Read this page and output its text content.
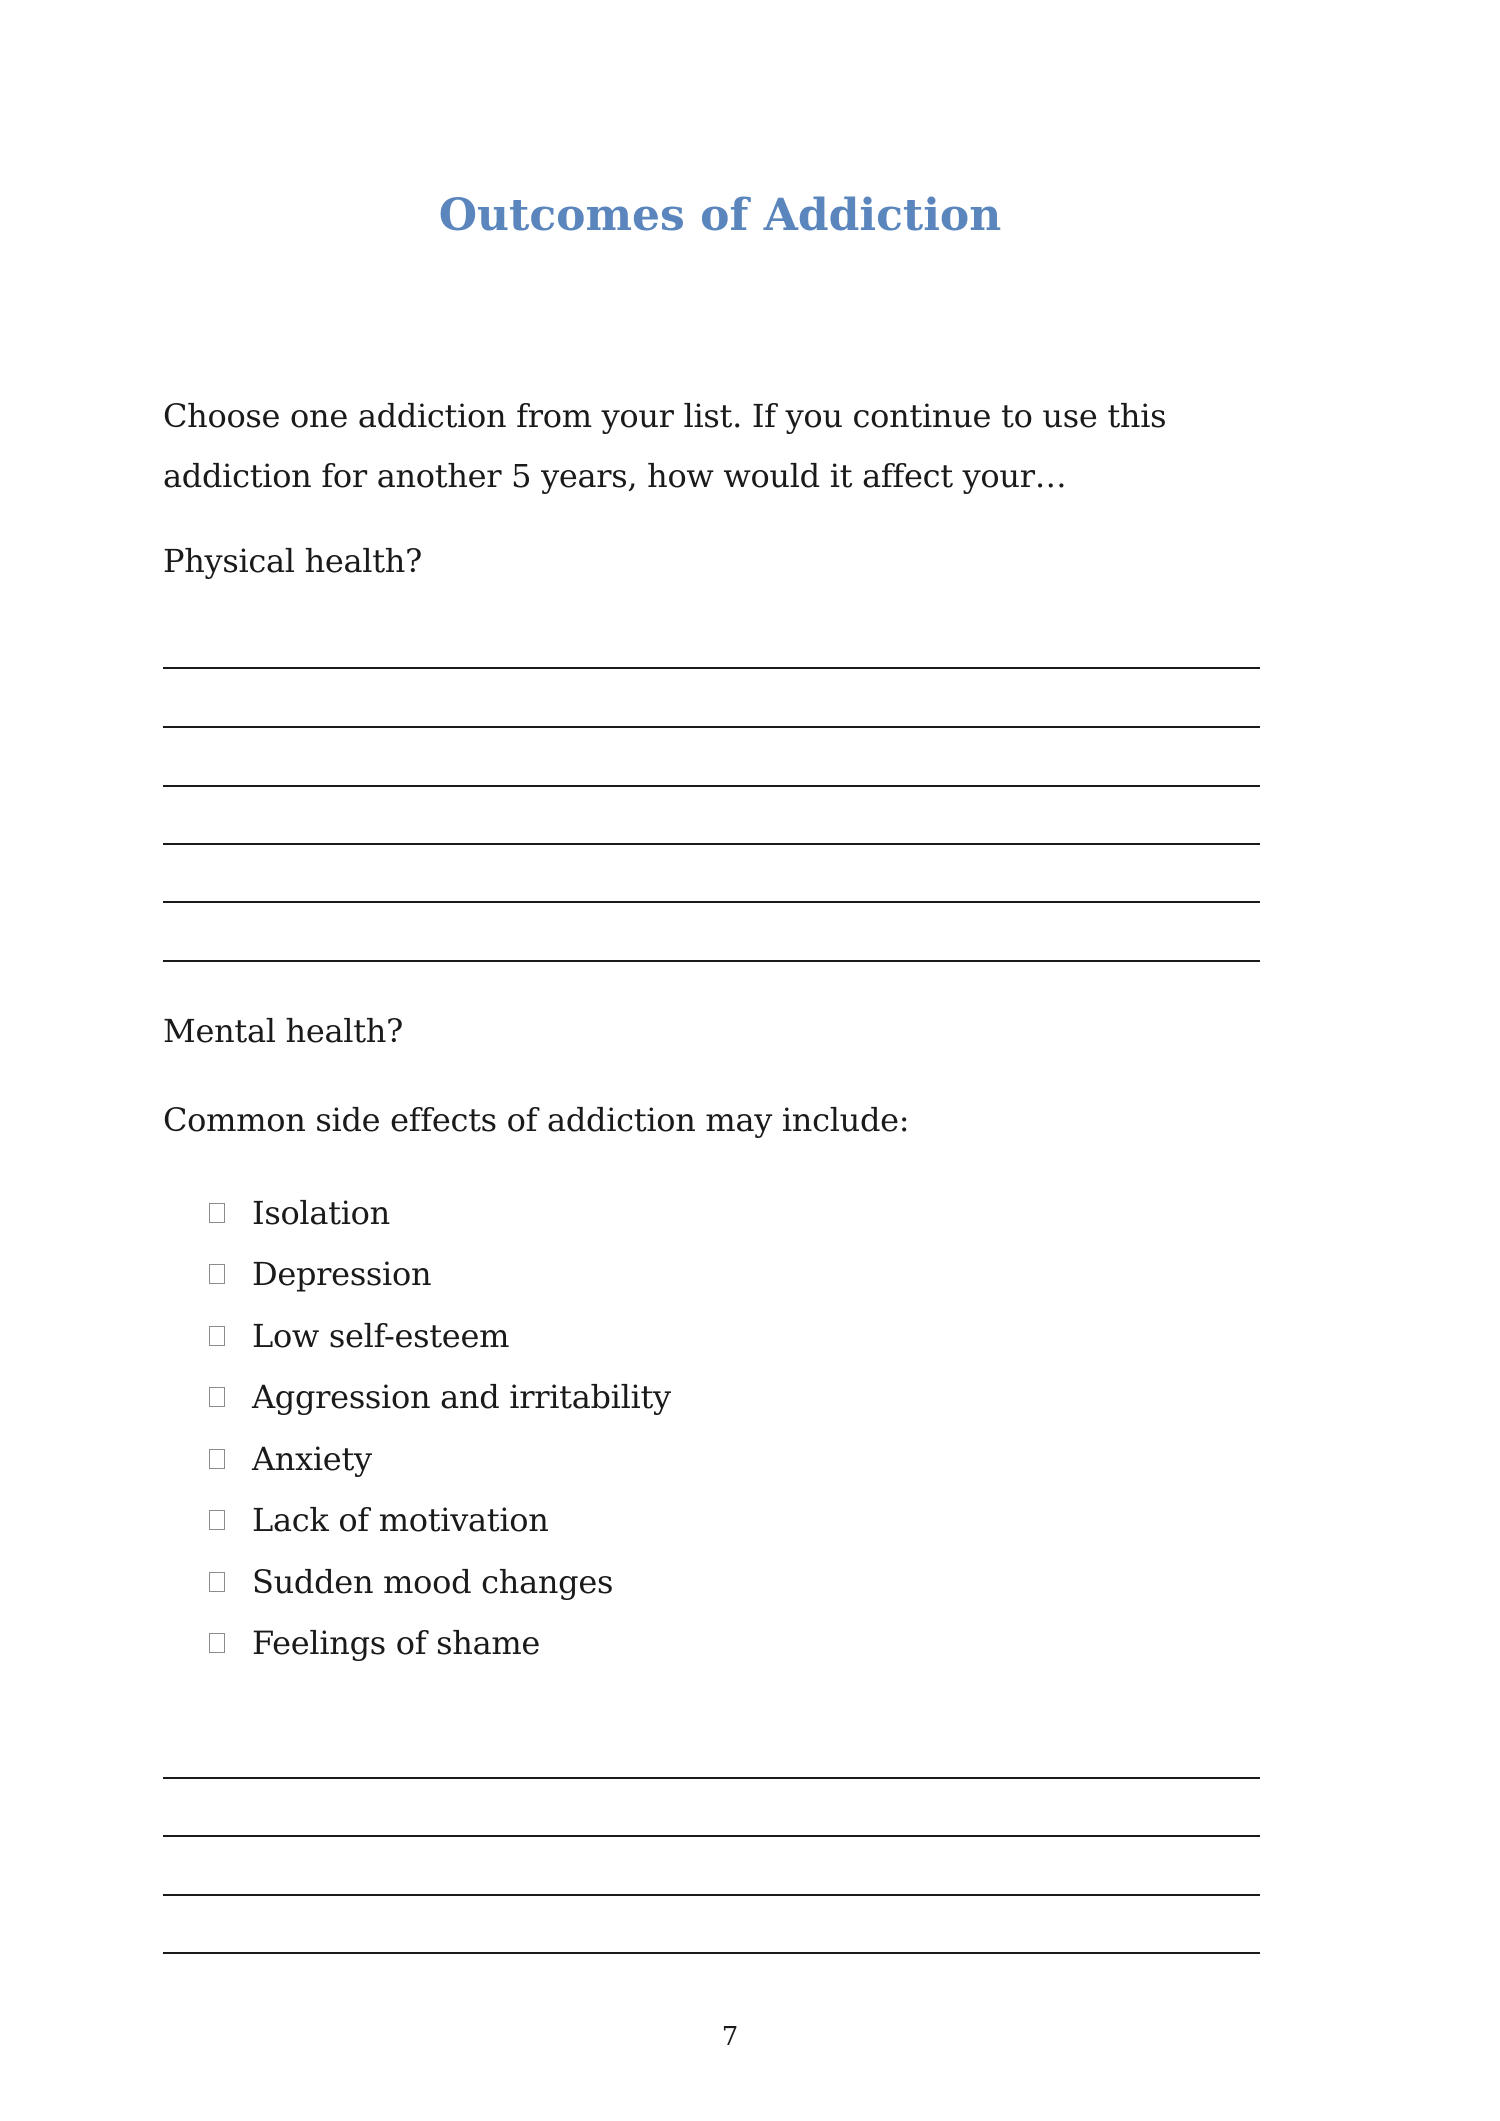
Outcomes of Addiction

Choose one addiction from your list. If you continue to use this addiction for another 5 years, how would it affect your…

Physical health?

Mental health?

Common side effects of addiction may include:

Isolation
Depression
Low self-esteem
Aggression and irritability
Anxiety
Lack of motivation
Sudden mood changes
Feelings of shame

7
